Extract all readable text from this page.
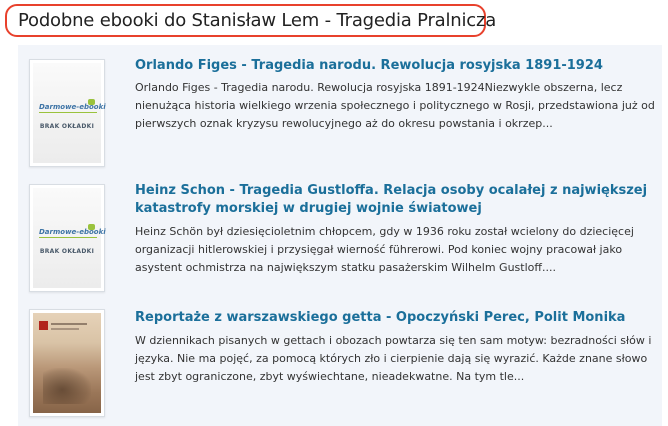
Podobne ebooki do Stanisław Lem - Tragedia Pralnicza
Darmowe-ebooki
BRAK OKŁADKI
Orlando Figes - Tragedia narodu. Rewolucja rosyjska 1891-1924
Orlando Figes - Tragedia narodu. Rewolucja rosyjska 1891-1924Niezwykle obszerna, lecz nienużąca historia wielkiego wrzenia społecznego i politycznego w Rosji, przedstawiona już od pierwszych oznak kryzysu rewolucyjnego aż do okresu powstania i okrzep...
Darmowe-ebooki
BRAK OKŁADKI
Heinz Schon - Tragedia Gustloffa. Relacja osoby ocalałej z największej katastrofy morskiej w drugiej wojnie światowej
Heinz Schön był dziesięcioletnim chłopcem, gdy w 1936 roku został wcielony do dziecięcej organizacji hitlerowskiej i przysięgał wierność führerowi. Pod koniec wojny pracował jako asystent ochmistrza na największym statku pasażerskim Wilhelm Gustloff....
Reportaże z warszawskiego getta - Opoczyński Perec, Polit Monika
W dziennikach pisanych w gettach i obozach powtarza się ten sam motyw: bezradności słów i języka. Nie ma pojęć, za pomocą których zło i cierpienie dają się wyrazić. Każde znane słowo jest zbyt ograniczone, zbyt wyświechtane, nieadekwatne. Na tym tle...
